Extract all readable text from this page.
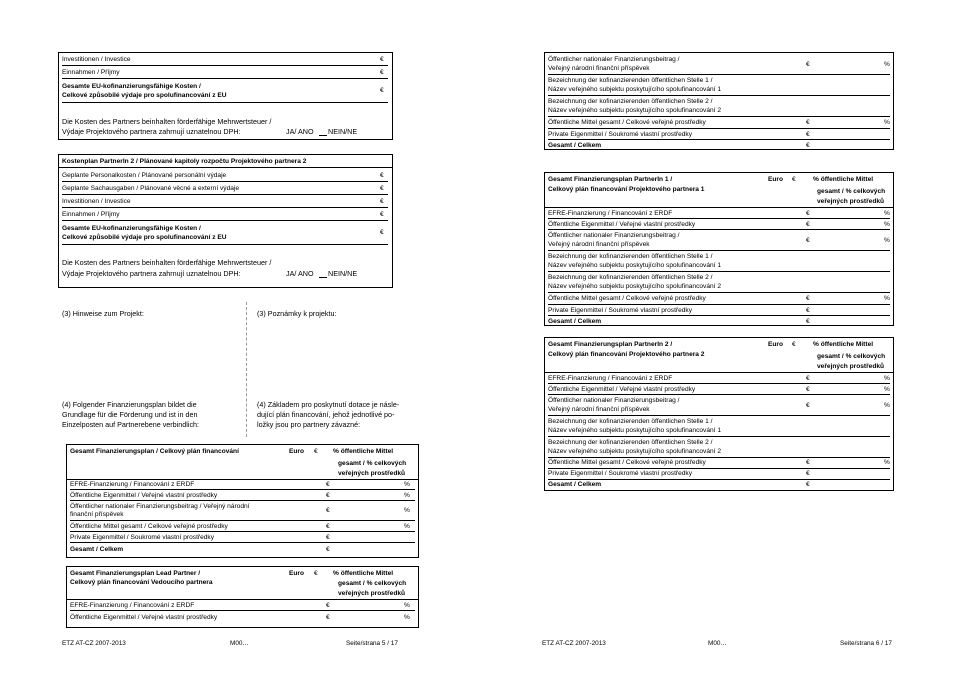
Investitionen / Investice	€
Einnahmen / Příjmy	€
Gesamte EU-kofinanzierungsfähige Kosten /
Celkové způsobilé výdaje pro spolufinancování z EU
€
Die Kosten des Partners beinhalten förderfähige Mehrwertsteuer /
Výdaje Projektového partnera zahrnují uznatelnou DPH:	JA/ ANO NEIN/NE
Kostenplan PartnerIn 2 / Plánované kapitoly rozpočtu Projektového partnera 2
Geplante Personalkosten / Plánované personální výdaje	€
Geplante Sachausgaben / Plánované věcné a externí výdaje	€
Investitionen / Investice	€
Einnahmen / Příjmy	€
Gesamte EU-kofinanzierungsfähige Kosten /
Celkové způsobilé výdaje pro spolufinancování z EU
€
Die Kosten des Partners beinhalten förderfähige Mehrwertsteuer /
Výdaje Projektového partnera zahrnují uznatelnou DPH:	JA/ ANO NEIN/NE
(3) Hinweise zum Projekt:	(3) Poznámky k projektu:
(4) Folgender Finanzierungsplan bildet die
Grundlage für die Förderung und ist in den
Einzelposten auf Partnerebene verbindlich:
(4) Základem pro poskytnutí dotace je násle-
dující plán financování, jehož jednotlivé po-
ložky jsou pro partnery závazné:
Gesamt Finanzierungsplan / Celkový plán financování	Euro € % öffentliche Mittel
gesamt / % celkových
veřejných prostředků
EFRE-Finanzierung / Financování z ERDF	€	%
Öffentliche Eigenmittel / Veřejné vlastní prostředky	€	%
Öffentlicher nationaler Finanzierungsbeitrag / Veřejný národní
finanční příspěvek
€	%
Öffentliche Mittel gesamt / Celkové veřejné prostředky	€	%
Private Eigenmittel / Soukromé vlastní prostředky	€
Gesamt / Celkem	€
Gesamt Finanzierungsplan Lead Partner /
Celkový plán financování Vedoucího partnera
Euro € % öffentliche Mittel
gesamt / % celkových
veřejných prostředků
EFRE-Finanzierung / Financování z ERDF	€	%
Öffentliche Eigenmittel / Veřejné vlastní prostředky	€	%
ETZ AT-CZ 2007-2013	M00…	Seite/strana 5 / 17
Öffentlicher nationaler Finanzierungsbeitrag /
Veřejný národní finanční příspěvek
€	%
Bezeichnung der kofinanzierenden öffentlichen Stelle 1 /
Název veřejného subjektu poskytujícího spolufinancování 1
Bezeichnung der kofinanzierenden öffentlichen Stelle 2 /
Název veřejného subjektu poskytujícího spolufinancování 2
Öffentliche Mittel gesamt / Celkové veřejné prostředky	€	%
Private Eigenmittel / Soukromé vlastní prostředky	€
Gesamt / Celkem	€
Gesamt Finanzierungsplan PartnerIn 1 /
Celkový plán financování Projektového partnera 1
Euro €	% öffentliche Mittel
gesamt / % celkových
veřejných prostředků
EFRE-Finanzierung / Financování z ERDF	€	%
Öffentliche Eigenmittel / Veřejné vlastní prostředky	€	%
Öffentlicher nationaler Finanzierungsbeitrag /
Veřejný národní finanční příspěvek
€	%
Bezeichnung der kofinanzierenden öffentlichen Stelle 1 /
Název veřejného subjektu poskytujícího spolufinancování 1
Bezeichnung der kofinanzierenden öffentlichen Stelle 2 /
Název veřejného subjektu poskytujícího spolufinancování 2
Öffentliche Mittel gesamt / Celkové veřejné prostředky	€	%
Private Eigenmittel / Soukromé vlastní prostředky	€
Gesamt / Celkem	€
Gesamt Finanzierungsplan PartnerIn 2 /
Celkový plán financování Projektového partnera 2
Euro €	% öffentliche Mittel
gesamt / % celkových
veřejných prostředků
EFRE-Finanzierung / Financování z ERDF	€	%
Öffentliche Eigenmittel / Veřejné vlastní prostředky	€	%
Öffentlicher nationaler Finanzierungsbeitrag /
Veřejný národní finanční příspěvek
€	%
Bezeichnung der kofinanzierenden öffentlichen Stelle 1 /
Název veřejného subjektu poskytujícího spolufinancování 1
Bezeichnung der kofinanzierenden öffentlichen Stelle 2 /
Název veřejného subjektu poskytujícího spolufinancování 2
Öffentliche Mittel gesamt / Celkové veřejné prostředky	€	%
Private Eigenmittel / Soukromé vlastní prostředky	€
Gesamt / Celkem	€
ETZ AT-CZ 2007-2013	M00…	Seite/strana 6 / 17
